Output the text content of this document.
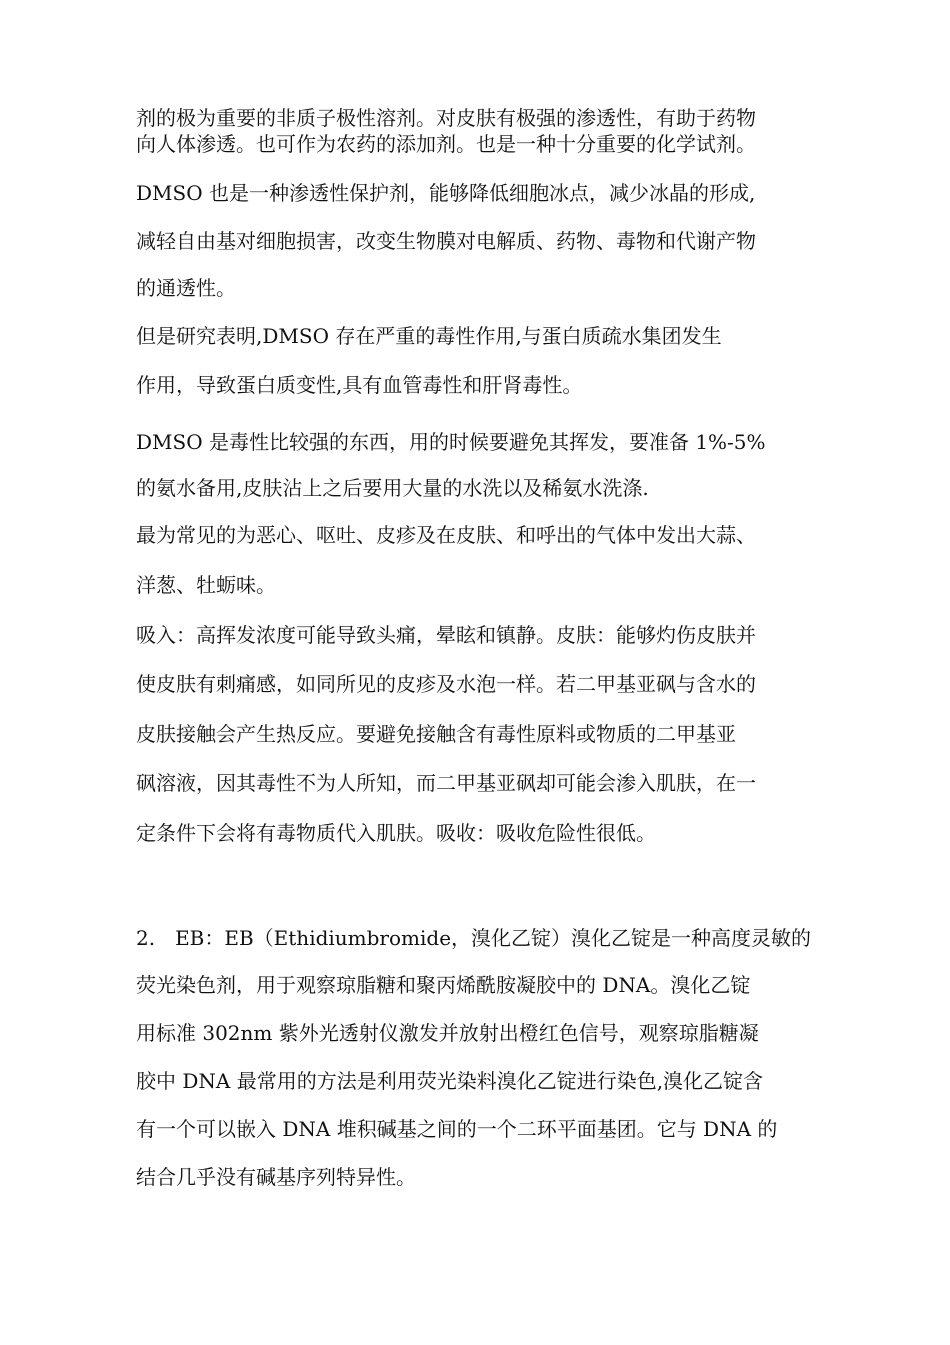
剂的极为重要的非质子极性溶剂。对皮肤有极强的渗透性，有助于药物
向人体渗透。也可作为农药的添加剂。也是一种十分重要的化学试剂。
DMSO 也是一种渗透性保护剂，能够降低细胞冰点，减少冰晶的形成,
减轻自由基对细胞损害，改变生物膜对电解质、药物、毒物和代谢产物
的通透性。
但是研究表明,DMSO 存在严重的毒性作用,与蛋白质疏水集团发生
作用，导致蛋白质变性,具有血管毒性和肝肾毒性。
DMSO 是毒性比较强的东西，用的时候要避免其挥发，要准备 1%-5%
的氨水备用,皮肤沾上之后要用大量的水洗以及稀氨水洗涤.
最为常见的为恶心、呕吐、皮疹及在皮肤、和呼出的气体中发出大蒜、
洋葱、牡蛎味。
吸入：高挥发浓度可能导致头痛，晕眩和镇静。皮肤：能够灼伤皮肤并
使皮肤有刺痛感，如同所见的皮疹及水泡一样。若二甲基亚砜与含水的
皮肤接触会产生热反应。要避免接触含有毒性原料或物质的二甲基亚
砜溶液，因其毒性不为人所知，而二甲基亚砜却可能会渗入肌肤，在一
定条件下会将有毒物质代入肌肤。吸收：吸收危险性很低。
2.　EB：EB（Ethidiumbromide，溴化乙锭）溴化乙锭是一种高度灵敏的
荧光染色剂，用于观察琼脂糖和聚丙烯酰胺凝胶中的 DNA。溴化乙锭
用标准 302nm 紫外光透射仪激发并放射出橙红色信号，观察琼脂糖凝
胶中 DNA 最常用的方法是利用荧光染料溴化乙锭进行染色,溴化乙锭含
有一个可以嵌入 DNA 堆积碱基之间的一个二环平面基团。它与 DNA 的
结合几乎没有碱基序列特异性。
